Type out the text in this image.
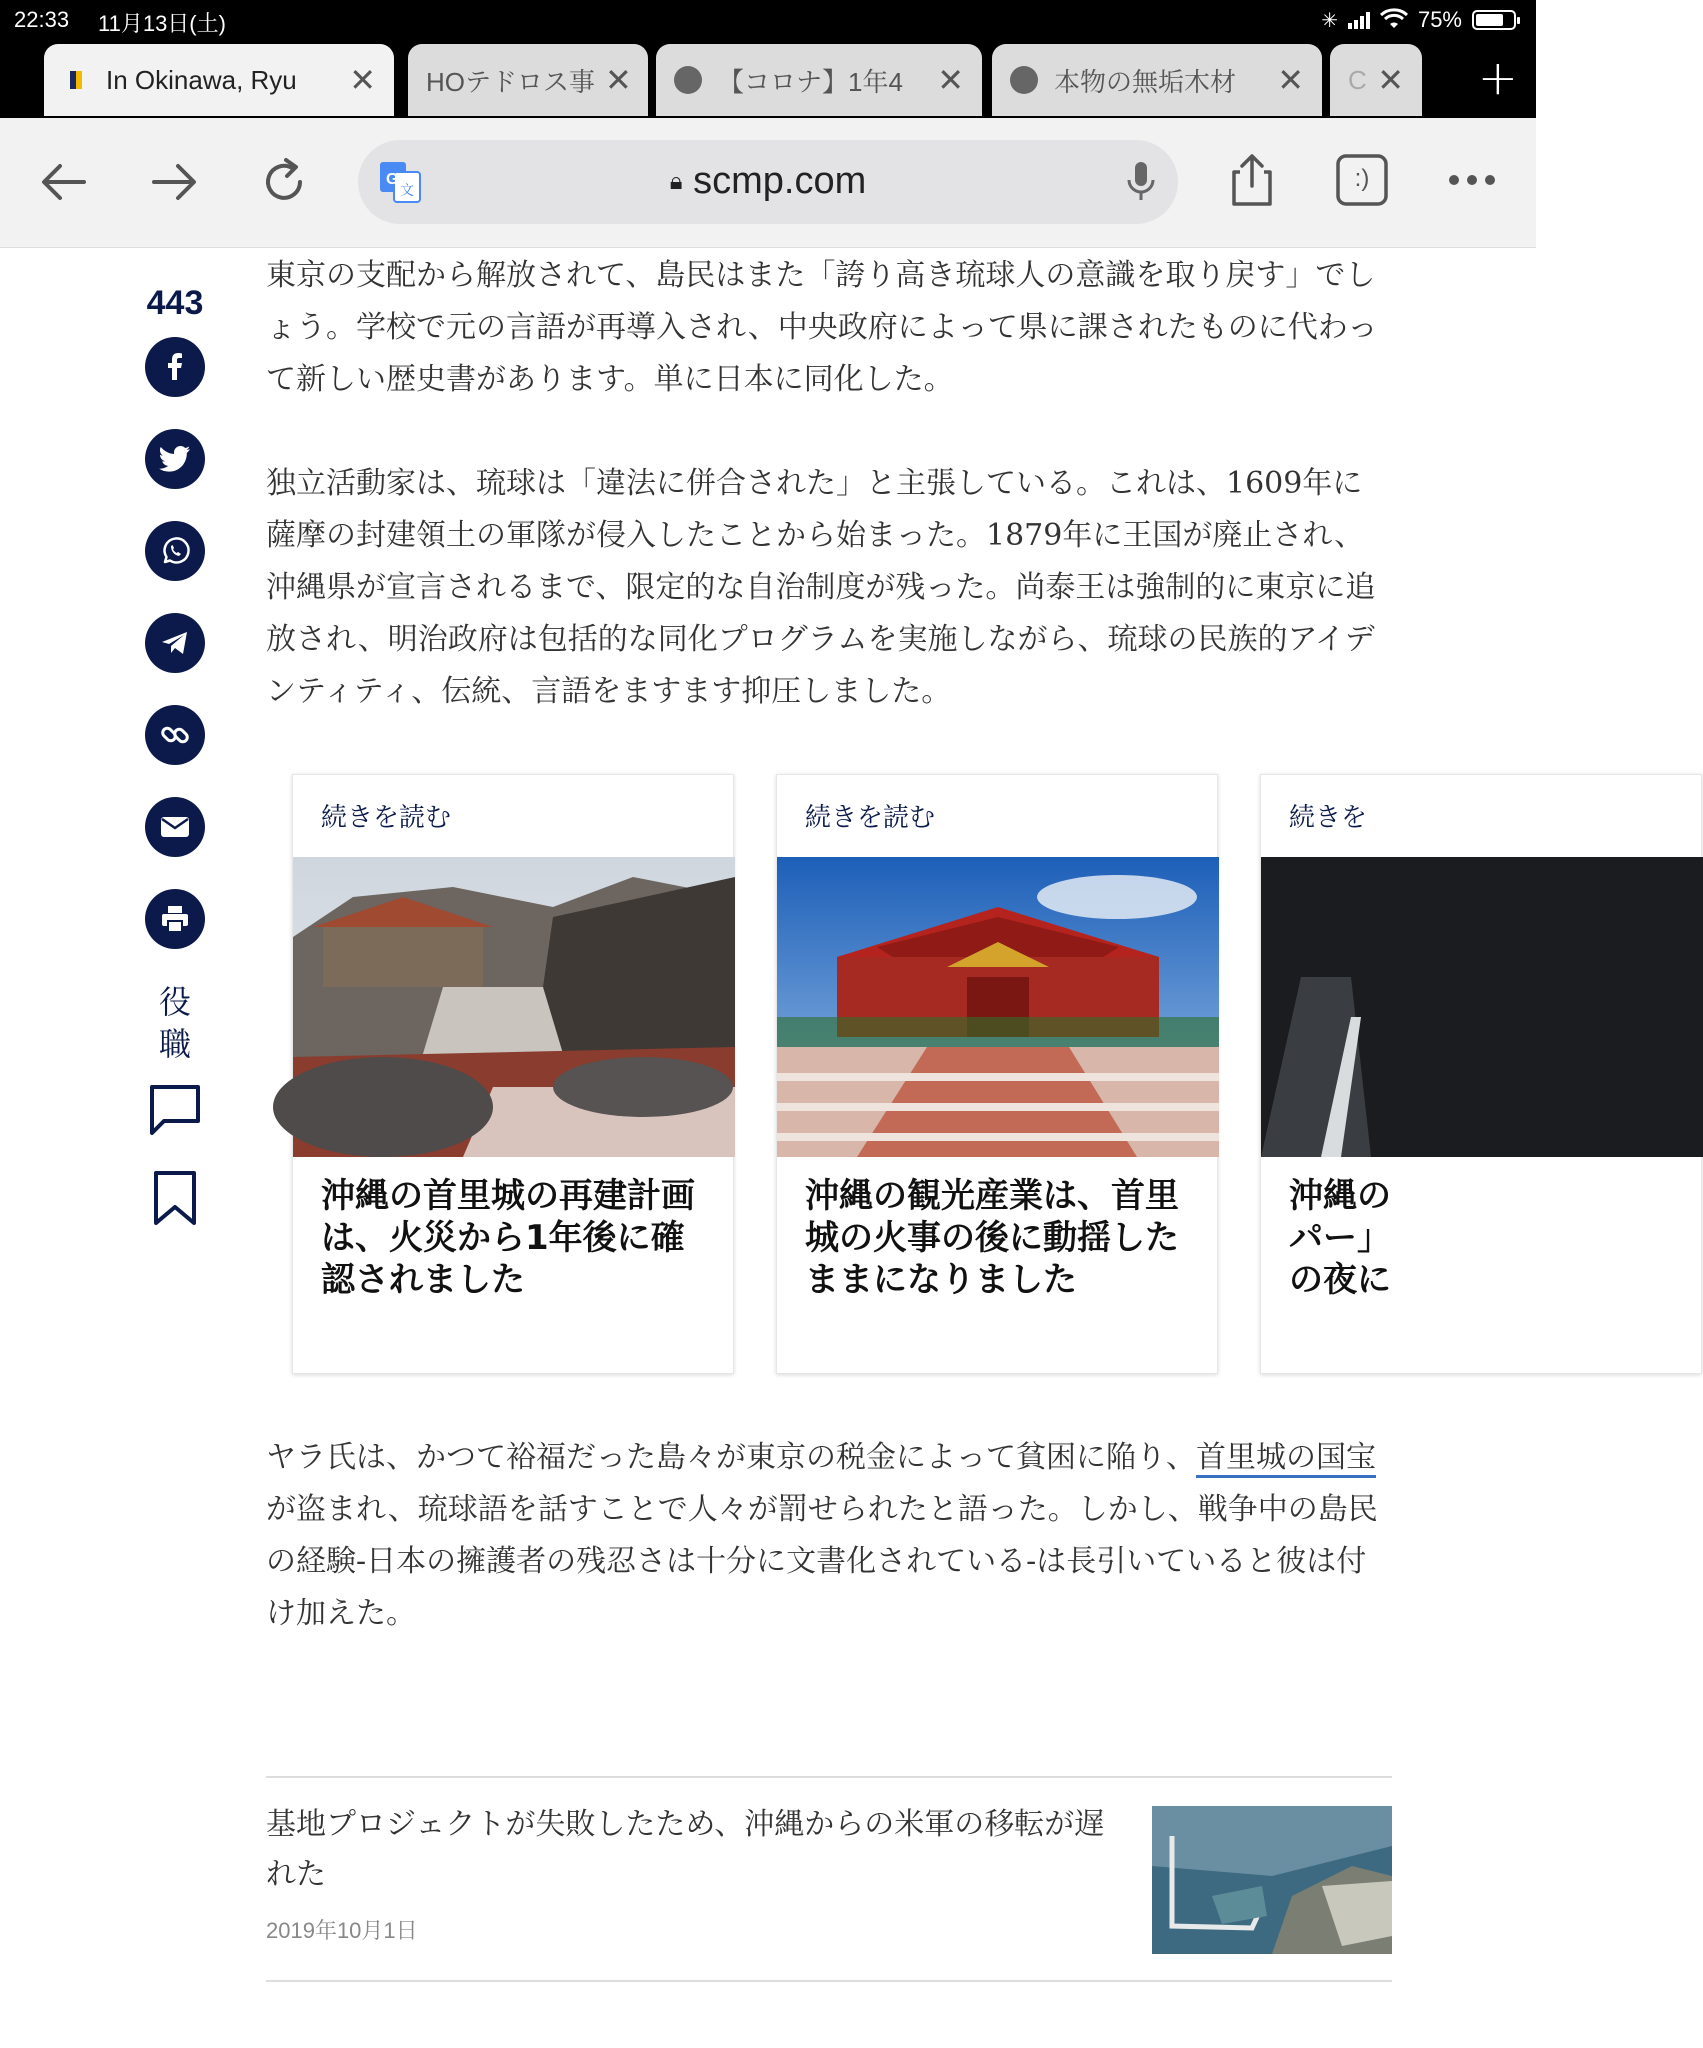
22:33 11月13日(土)	✳	75%
In Okinawa, Ryu	✕ HOテドロス事 ✕	【コロナ】1年4	✕	本物の無垢木材	✕ C ✕ +
G
文	🔒︎ scmp.com	:)
443
役職

東京の支配から解放されて、島民はまた「誇り高き琉球人の意識を取り戻す」でしょう。学校で元の言語が再導入され、中央政府によって県に課されたものに代わって新しい歴史書があります。単に日本に同化した。

独立活動家は、琉球は「違法に併合された」と主張している。これは、1609年に薩摩の封建領土の軍隊が侵入したことから始まった。1879年に王国が廃止され、沖縄県が宣言されるまで、限定的な自治制度が残った。尚泰王は強制的に東京に追放され、明治政府は包括的な同化プログラムを実施しながら、琉球の民族的アイデンティティ、伝統、言語をますます抑圧しました。

続きを読む
沖縄の首里城の再建計画は、火災から1年後に確認されました
続きを読む
沖縄の観光産業は、首里城の火事の後に動揺したままになりました
続きを
沖縄の
パー」
の夜に

ヤラ氏は、かつて裕福だった島々が東京の税金によって貧困に陥り、首里城の国宝が盗まれ、琉球語を話すことで人々が罰せられたと語った。しかし、戦争中の島民の経験-日本の擁護者の残忍さは十分に文書化されている-は長引いていると彼は付け加えた。

基地プロジェクトが失敗したため、沖縄からの米軍の移転が遅れた
2019年10月1日
